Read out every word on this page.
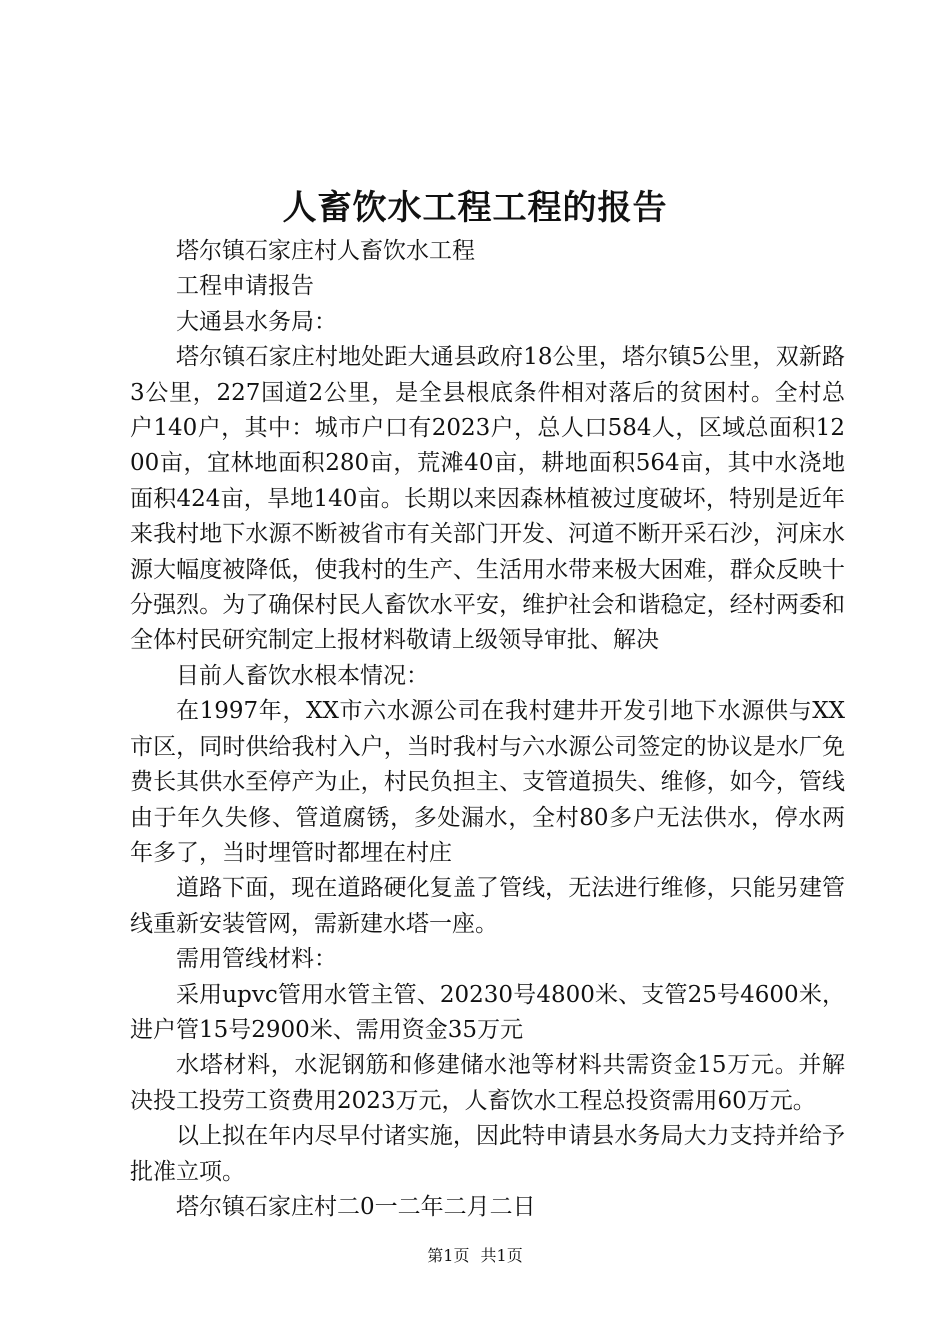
人畜饮水工程工程的报告

塔尔镇石家庄村人畜饮水工程

工程申请报告

大通县水务局：

塔尔镇石家庄村地处距大通县政府18公里，塔尔镇5公里，双新路3公里，227国道2公里，是全县根底条件相对落后的贫困村。全村总户140户，其中：城市户口有2023户，总人口584人，区域总面积1200亩，宜林地面积280亩，荒滩40亩，耕地面积564亩，其中水浇地面积424亩，旱地140亩。长期以来因森林植被过度破坏，特别是近年来我村地下水源不断被省市有关部门开发、河道不断开采石沙，河床水源大幅度被降低，使我村的生产、生活用水带来极大困难，群众反映十分强烈。为了确保村民人畜饮水平安，维护社会和谐稳定，经村两委和全体村民研究制定上报材料敬请上级领导审批、解决

目前人畜饮水根本情况：

在1997年，XX市六水源公司在我村建井开发引地下水源供与XX市区，同时供给我村入户，当时我村与六水源公司签定的协议是水厂免费长其供水至停产为止，村民负担主、支管道损失、维修，如今，管线由于年久失修、管道腐锈，多处漏水，全村80多户无法供水，停水两年多了，当时埋管时都埋在村庄

道路下面，现在道路硬化复盖了管线，无法进行维修，只能另建管线重新安装管网，需新建水塔一座。

需用管线材料：

采用upvc管用水管主管、20230号4800米、支管25号4600米，进户管15号2900米、需用资金35万元

水塔材料，水泥钢筋和修建储水池等材料共需资金15万元。并解决投工投劳工资费用2023万元，人畜饮水工程总投资需用60万元。

以上拟在年内尽早付诸实施，因此特申请县水务局大力支持并给予批准立项。

塔尔镇石家庄村二0一二年二月二日

第1页 共1页
